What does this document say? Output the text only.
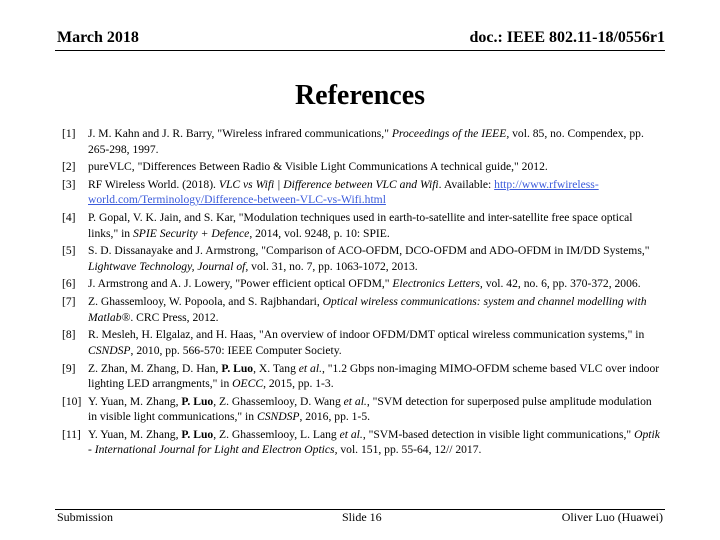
March 2018	doc.: IEEE 802.11-18/0556r1
References
[1]	J. M. Kahn and J. R. Barry, "Wireless infrared communications," Proceedings of the IEEE, vol. 85, no. Compendex, pp. 265-298, 1997.
[2]	pureVLC, "Differences Between Radio & Visible Light Communications A technical guide," 2012.
[3]	RF Wireless World. (2018). VLC vs Wifi | Difference between VLC and Wifi. Available: http://www.rfwireless-world.com/Terminology/Difference-between-VLC-vs-Wifi.html
[4]	P. Gopal, V. K. Jain, and S. Kar, "Modulation techniques used in earth-to-satellite and inter-satellite free space optical links," in SPIE Security + Defence, 2014, vol. 9248, p. 10: SPIE.
[5]	S. D. Dissanayake and J. Armstrong, "Comparison of ACO-OFDM, DCO-OFDM and ADO-OFDM in IM/DD Systems," Lightwave Technology, Journal of, vol. 31, no. 7, pp. 1063-1072, 2013.
[6]	J. Armstrong and A. J. Lowery, "Power efficient optical OFDM," Electronics Letters, vol. 42, no. 6, pp. 370-372, 2006.
[7]	Z. Ghassemlooy, W. Popoola, and S. Rajbhandari, Optical wireless communications: system and channel modelling with Matlab®. CRC Press, 2012.
[8]	R. Mesleh, H. Elgalaz, and H. Haas, "An overview of indoor OFDM/DMT optical wireless communication systems," in CSNDSP, 2010, pp. 566-570: IEEE Computer Society.
[9]	Z. Zhan, M. Zhang, D. Han, P. Luo, X. Tang et al., "1.2 Gbps non-imaging MIMO-OFDM scheme based VLC over indoor lighting LED arrangments," in OECC, 2015, pp. 1-3.
[10] Y. Yuan, M. Zhang, P. Luo, Z. Ghassemlooy, D. Wang et al., "SVM detection for superposed pulse amplitude modulation in visible light communications," in CSNDSP, 2016, pp. 1-5.
[11] Y. Yuan, M. Zhang, P. Luo, Z. Ghassemlooy, L. Lang et al., "SVM-based detection in visible light communications," Optik - International Journal for Light and Electron Optics, vol. 151, pp. 55-64, 12// 2017.
Submission	Slide 16	Oliver Luo (Huawei)
